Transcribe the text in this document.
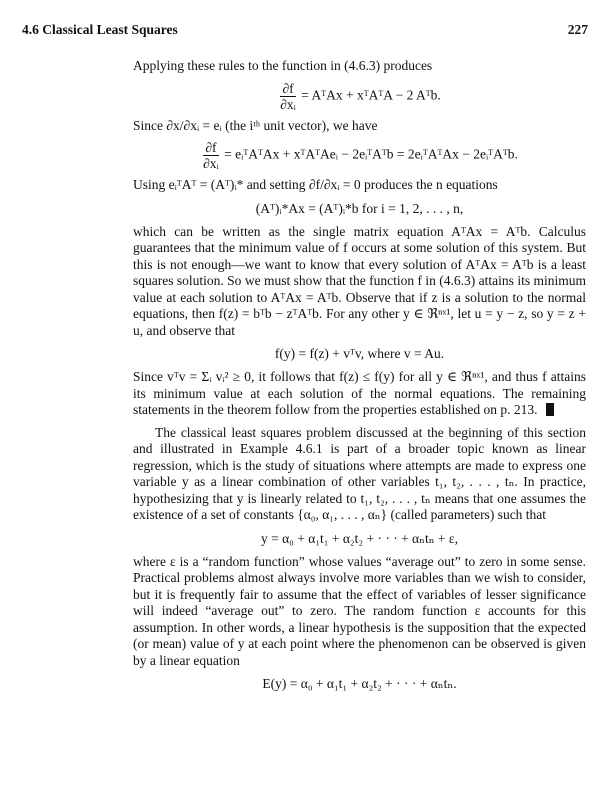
4.6 Classical Least Squares	227

Applying these rules to the function in (4.6.3) produces

$\frac{\partial f}{\text{∂xᵢ}}$ = AᵀAx + xᵀAᵀA − 2 Aᵀb.

Since ∂x/∂xᵢ = eᵢ (the iᵗʰ unit vector), we have

$\frac{\partial f}{\text{∂xᵢ}}$ = eᵢᵀAᵀAx + xᵀAᵀAeᵢ − 2eᵢᵀAᵀb = 2eᵢᵀAᵀAx − 2eᵢᵀAᵀb.

Using eᵢᵀAᵀ = (Aᵀ)ᵢ* and setting ∂f/∂xᵢ = 0 produces the n equations

(Aᵀ)ᵢ*Ax = (Aᵀ)ᵢ*b for i = 1, 2, . . . , n,

which can be written as the single matrix equation AᵀAx = Aᵀb. Calculus guarantees that the minimum value of f occurs at some solution of this system. But this is not enough—we want to know that every solution of AᵀAx = Aᵀb is a least squares solution. So we must show that the function f in (4.6.3) attains its minimum value at each solution to AᵀAx = Aᵀb. Observe that if z is a solution to the normal equations, then f(z) = bᵀb − zᵀAᵀb. For any other y ∈ ℜⁿˣ¹, let u = y − z, so y = z + u, and observe that

f(y) = f(z) + vᵀv, where v = Au.

Since vᵀv = Σᵢ vᵢ² ≥ 0, it follows that f(z) ≤ f(y) for all y ∈ ℜⁿˣ¹, and thus f attains its minimum value at each solution of the normal equations. The remaining statements in the theorem follow from the properties established on p. 213.

The classical least squares problem discussed at the beginning of this section and illustrated in Example 4.6.1 is part of a broader topic known as linear regression, which is the study of situations where attempts are made to express one variable y as a linear combination of other variables t₁, t₂, . . . , tₙ. In practice, hypothesizing that y is linearly related to t₁, t₂, . . . , tₙ means that one assumes the existence of a set of constants {α₀, α₁, . . . , αₙ} (called parameters) such that

y = α₀ + α₁t₁ + α₂t₂ + · · · + αₙtₙ + ε,

where ε is a “random function” whose values “average out” to zero in some sense. Practical problems almost always involve more variables than we wish to consider, but it is frequently fair to assume that the effect of variables of lesser significance will indeed “average out” to zero. The random function ε accounts for this assumption. In other words, a linear hypothesis is the supposition that the expected (or mean) value of y at each point where the phenomenon can be observed is given by a linear equation

E(y) = α₀ + α₁t₁ + α₂t₂ + · · · + αₙtₙ.
